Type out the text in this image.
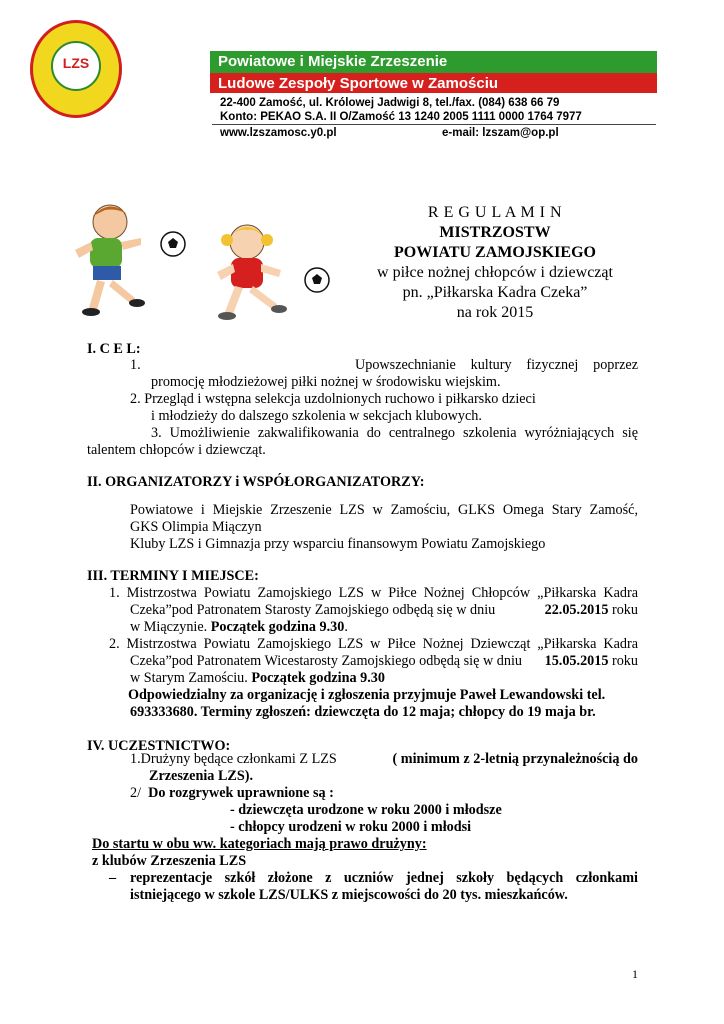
LZS	Powiatowe i Miejskie Zrzeszenie
Ludowe Zespoły Sportowe w Zamościu
22-400 Zamość, ul. Królowej Jadwigi 8, tel./fax. (084) 638 66 79
Konto: PEKAO S.A. II O/Zamość 13 1240 2005 1111 0000 1764 7977
www.lzszamosc.y0.pl	e-mail: lzszam@op.pl
R E G U L A M I N
MISTRZOSTW
POWIATU ZAMOJSKIEGO
w piłce nożnej chłopców i dziewcząt
pn. „Piłkarska Kadra Czeka”
na rok 2015
I. C E L:
1.	Upowszechnianie kultury fizycznej poprzez
promocję młodzieżowej piłki nożnej w środowisku wiejskim.
2. Przegląd i wstępna selekcja uzdolnionych ruchowo i piłkarsko dzieci
i młodzieży do dalszego szkolenia w sekcjach klubowych.
3. Umożliwienie zakwalifikowania do centralnego szkolenia wyróżniających się
talentem chłopców i dziewcząt.
II. ORGANIZATORZY i WSPÓŁORGANIZATORZY:
Powiatowe i Miejskie Zrzeszenie LZS w Zamościu, GLKS Omega Stary Zamość,
GKS Olimpia Miączyn
Kluby LZS i Gimnazja przy wsparciu finansowym Powiatu Zamojskiego
III. TERMINY I MIEJSCE:
1. Mistrzostwa Powiatu Zamojskiego LZS w Piłce Nożnej Chłopców „Piłkarska Kadra
Czeka”pod Patronatem Starosty Zamojskiego odbędą się w dniu	22.05.2015 roku
w Miączynie. Początek godzina 9.30.
2. Mistrzostwa Powiatu Zamojskiego LZS w Piłce Nożnej Dziewcząt „Piłkarska Kadra
Czeka”pod Patronatem Wicestarosty Zamojskiego odbędą się w dniu 15.05.2015 roku
w Starym Zamościu. Początek godzina 9.30
Odpowiedzialny za organizację i zgłoszenia przyjmuje Paweł Lewandowski tel.
693333680. Terminy zgłoszeń: dziewczęta do 12 maja; chłopcy do 19 maja br.
IV. UCZESTNICTWO:
1.Drużyny będące członkami Z LZS	( minimum z 2-letnią przynależnością do
Zrzeszenia LZS).
2/ Do rozgrywek uprawnione są :
- dziewczęta urodzone w roku 2000 i młodsze
- chłopcy urodzeni w roku 2000 i młodsi
Do startu w obu ww. kategoriach mają prawo drużyny:
z klubów Zrzeszenia LZS
– reprezentacje szkół złożone z uczniów jednej szkoły będących członkami
istniejącego w szkole LZS/ULKS z miejscowości do 20 tys. mieszkańców.
1
